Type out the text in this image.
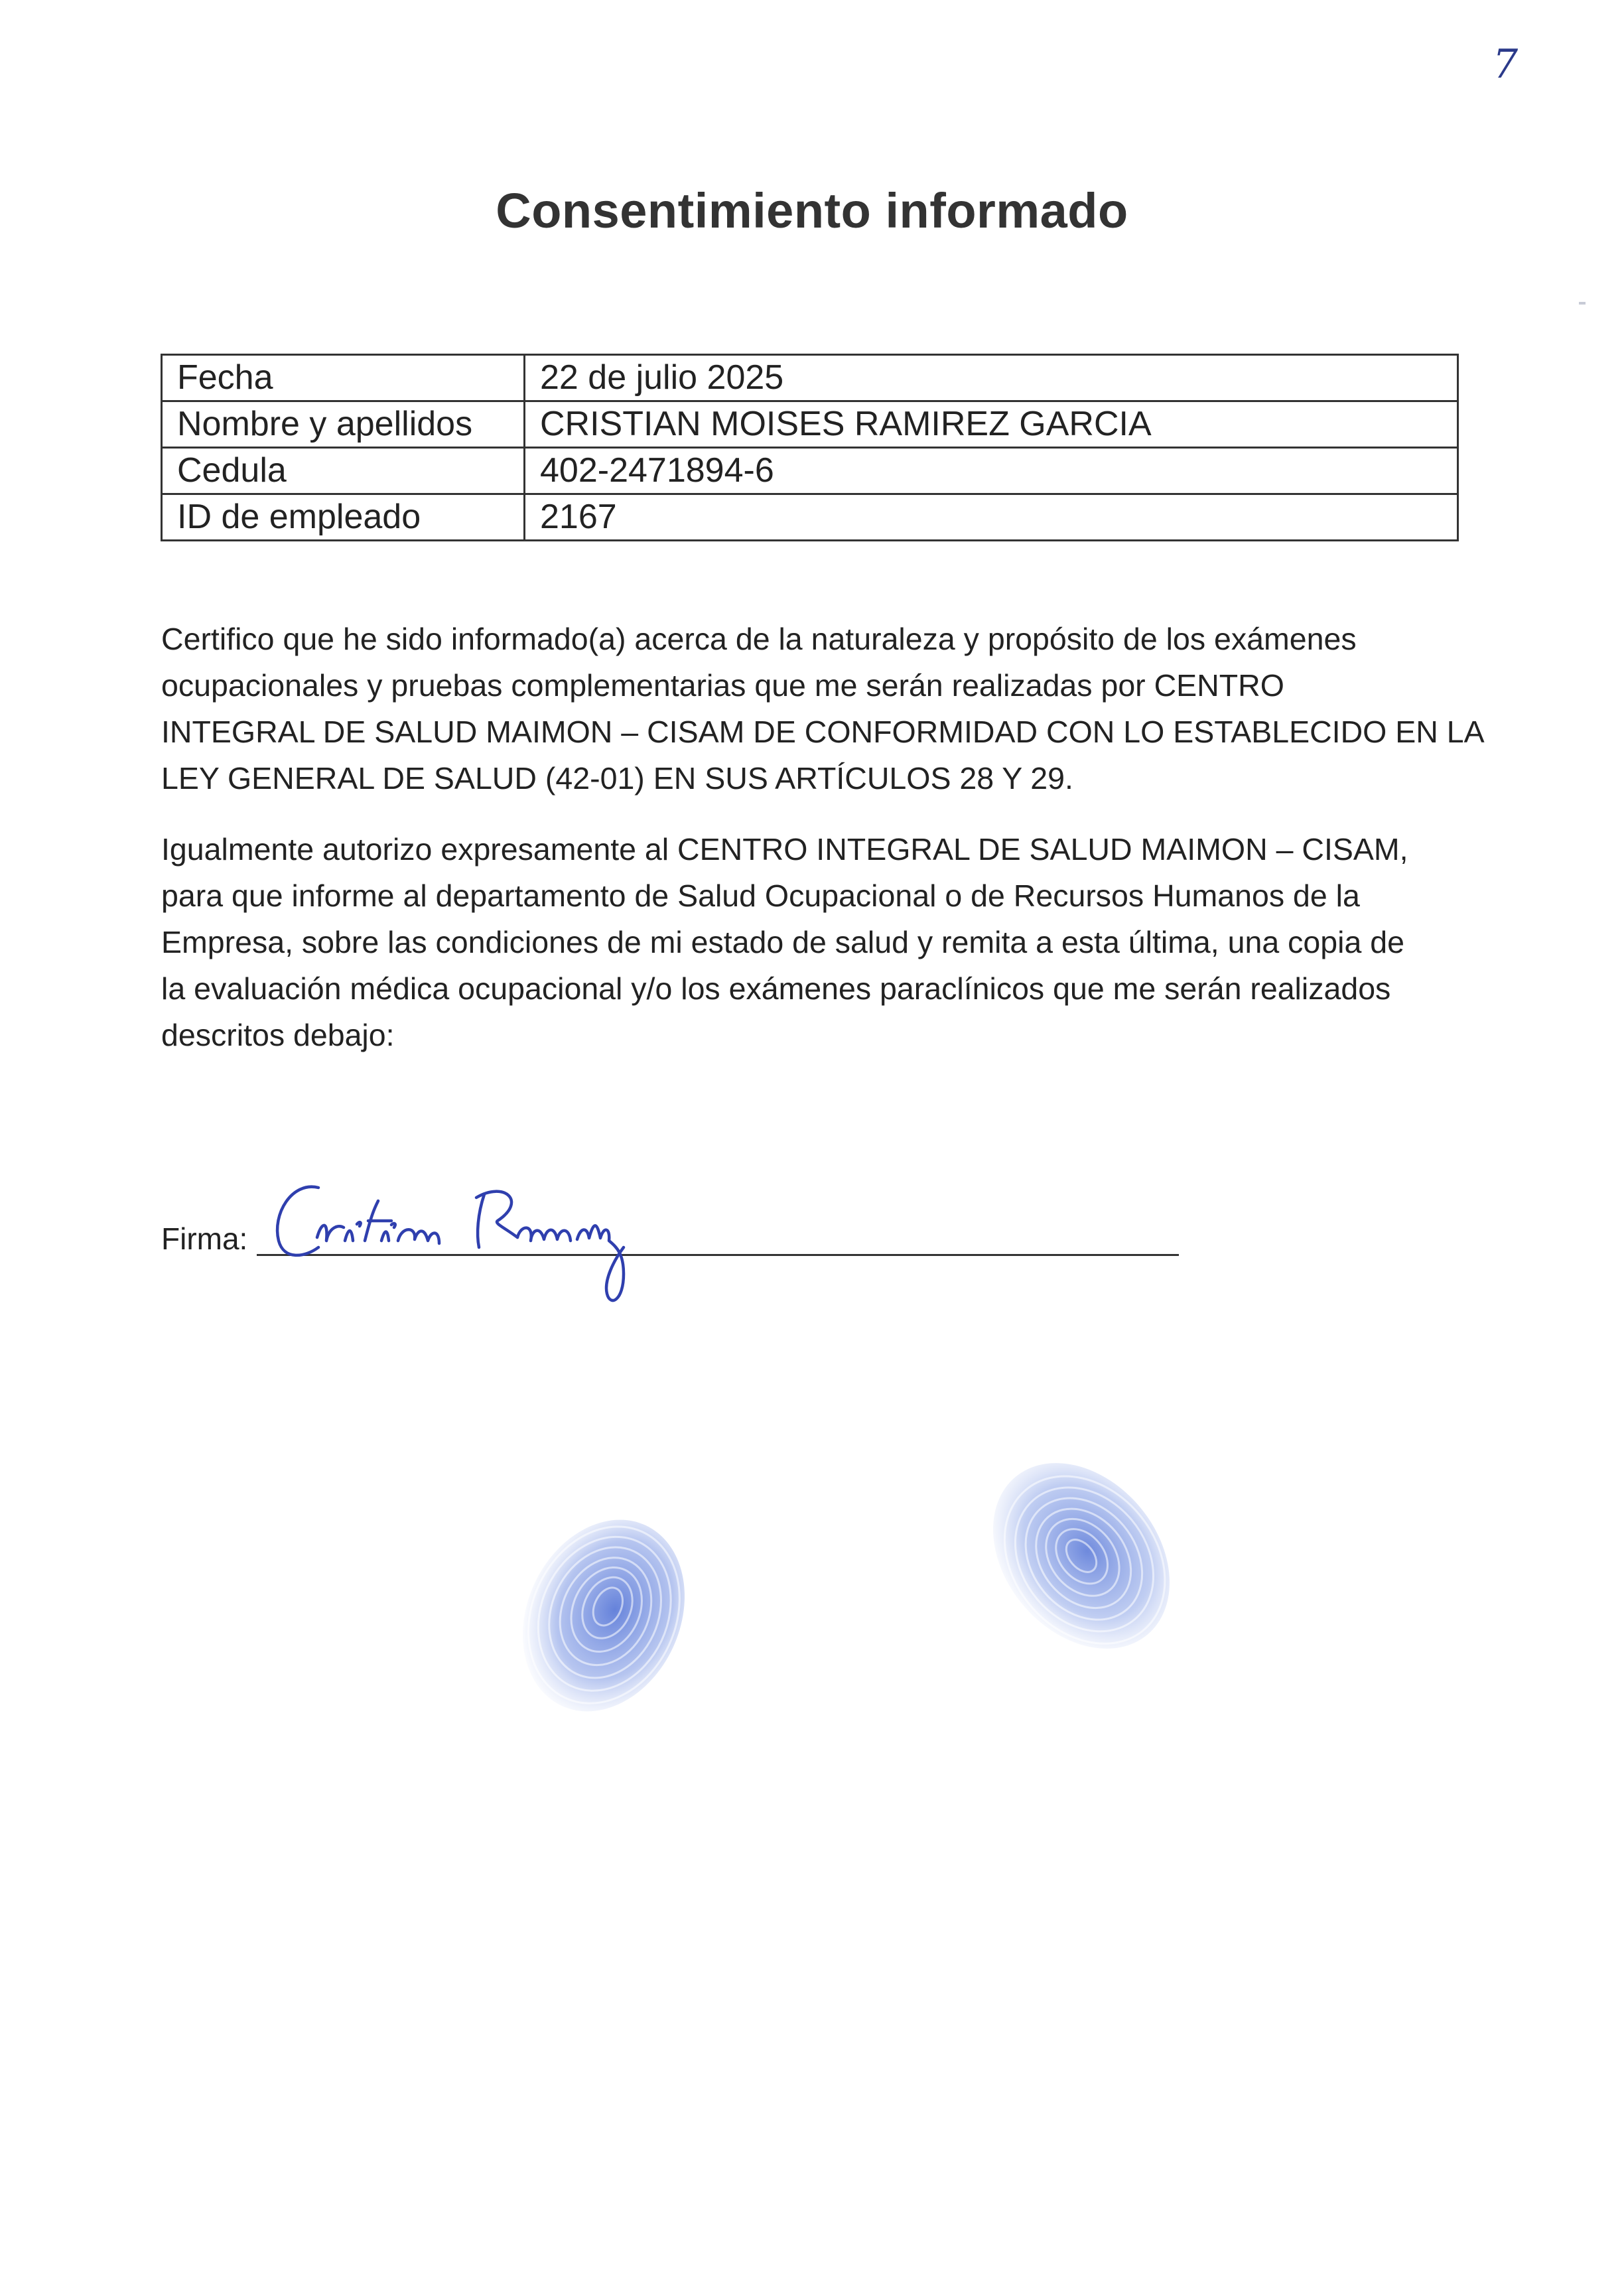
7
Consentimiento informado
Fecha	22 de julio 2025
Nombre y apellidos	CRISTIAN MOISES RAMIREZ GARCIA
Cedula	402-2471894-6
ID de empleado	2167
Certifico que he sido informado(a) acerca de la naturaleza y propósito de los exámenes
ocupacionales y pruebas complementarias que me serán realizadas por CENTRO
INTEGRAL DE SALUD MAIMON – CISAM DE CONFORMIDAD CON LO ESTABLECIDO EN LA
LEY GENERAL DE SALUD (42-01) EN SUS ARTÍCULOS 28 Y 29.
Igualmente autorizo expresamente al CENTRO INTEGRAL DE SALUD MAIMON – CISAM,
para que informe al departamento de Salud Ocupacional o de Recursos Humanos de la
Empresa, sobre las condiciones de mi estado de salud y remita a esta última, una copia de
la evaluación médica ocupacional y/o los exámenes paraclínicos que me serán realizados
descritos debajo:
Firma:
